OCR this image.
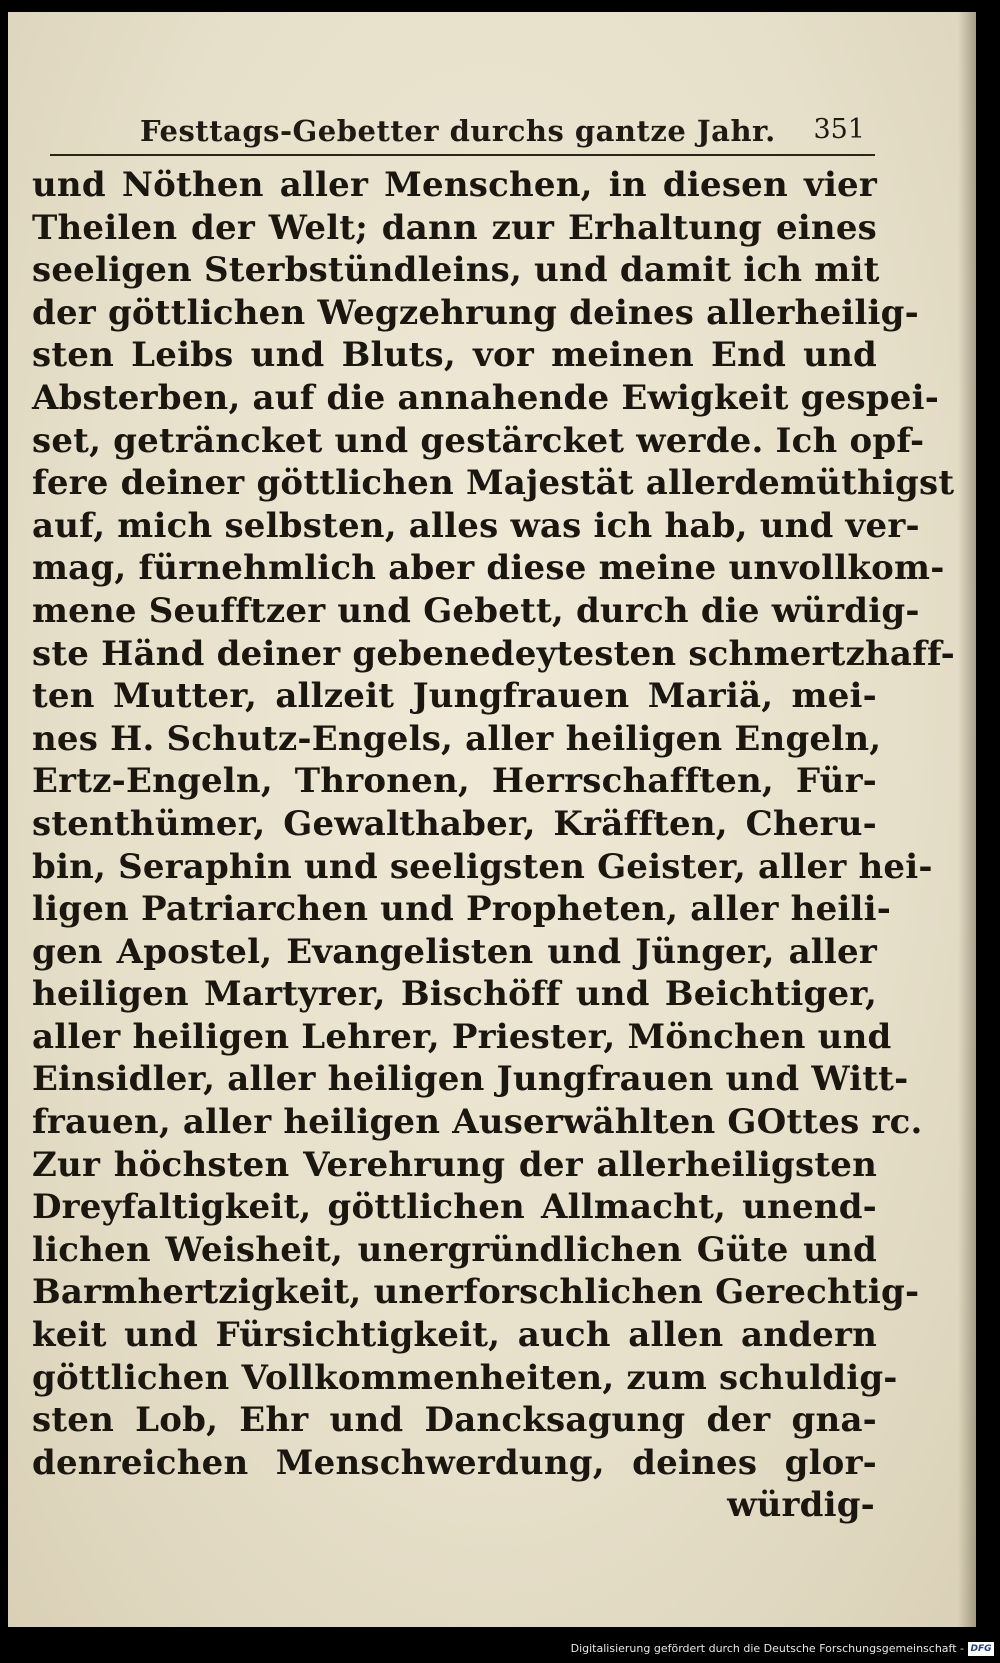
Festtags-Gebetter durchs gantze Jahr. 351
und Nöthen aller Menschen, in diesen vier
Theilen der Welt; dann zur Erhaltung eines
seeligen Sterbstündleins, und damit ich mit
der göttlichen Wegzehrung deines allerheilig-
sten Leibs und Bluts, vor meinen End und
Absterben, auf die annahende Ewigkeit gespei-
set, geträncket und gestärcket werde. Ich opf-
fere deiner göttlichen Majestät allerdemüthigst
auf, mich selbsten, alles was ich hab, und ver-
mag, fürnehmlich aber diese meine unvollkom-
mene Seufftzer und Gebett, durch die würdig-
ste Händ deiner gebenedeytesten schmertzhaff-
ten Mutter, allzeit Jungfrauen Mariä, mei-
nes H. Schutz-Engels, aller heiligen Engeln,
Ertz-Engeln, Thronen, Herrschafften, Für-
stenthümer, Gewalthaber, Kräfften, Cheru-
bin, Seraphin und seeligsten Geister, aller hei-
ligen Patriarchen und Propheten, aller heili-
gen Apostel, Evangelisten und Jünger, aller
heiligen Martyrer, Bischöff und Beichtiger,
aller heiligen Lehrer, Priester, Mönchen und
Einsidler, aller heiligen Jungfrauen und Witt-
frauen, aller heiligen Auserwählten GOttes rc.
Zur höchsten Verehrung der allerheiligsten
Dreyfaltigkeit, göttlichen Allmacht, unend-
lichen Weisheit, unergründlichen Güte und
Barmhertzigkeit, unerforschlichen Gerechtig-
keit und Fürsichtigkeit, auch allen andern
göttlichen Vollkommenheiten, zum schuldig-
sten Lob, Ehr und Dancksagung der gna-
denreichen Menschwerdung, deines glor-
würdig-
Digitalisierung gefördert durch die Deutsche Forschungsgemeinschaft - DFG
